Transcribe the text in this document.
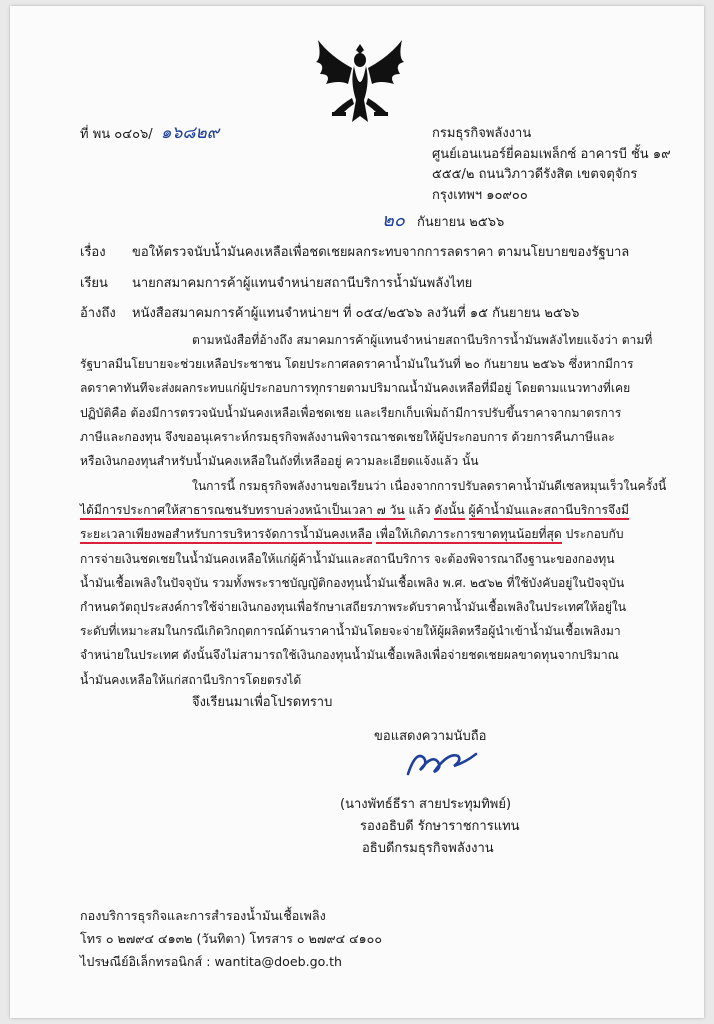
ที่ พน ๐๔๐๖/ ๑๖๘๒๙	กรมธุรกิจพลังงาน
ศูนย์เอนเนอร์ยี่คอมเพล็กซ์ อาคารบี ชั้น ๑๙
๕๕๕/๒ ถนนวิภาวดีรังสิต เขตจตุจักร
กรุงเทพฯ ๑๐๙๐๐
๒๐ กันยายน ๒๕๖๖
เรื่อง ขอให้ตรวจนับน้ำมันคงเหลือเพื่อชดเชยผลกระทบจากการลดราคา ตามนโยบายของรัฐบาล
เรียน นายกสมาคมการค้าผู้แทนจำหน่ายสถานีบริการน้ำมันพลังไทย
อ้างถึง หนังสือสมาคมการค้าผู้แทนจำหน่ายฯ ที่ ๐๕๔/๒๕๖๖ ลงวันที่ ๑๕ กันยายน ๒๕๖๖
ตามหนังสือที่อ้างถึง สมาคมการค้าผู้แทนจำหน่ายสถานีบริการน้ำมันพลังไทยแจ้งว่า ตามที่
รัฐบาลมีนโยบายจะช่วยเหลือประชาชน โดยประกาศลดราคาน้ำมันในวันที่ ๒๐ กันยายน ๒๕๖๖ ซึ่งหากมีการ
ลดราคาทันทีจะส่งผลกระทบแก่ผู้ประกอบการทุกรายตามปริมาณน้ำมันคงเหลือที่มีอยู่ โดยตามแนวทางที่เคย
ปฏิบัติคือ ต้องมีการตรวจนับน้ำมันคงเหลือเพื่อชดเชย และเรียกเก็บเพิ่มถ้ามีการปรับขึ้นราคาจากมาตรการ
ภาษีและกองทุน จึงขออนุเคราะห์กรมธุรกิจพลังงานพิจารณาชดเชยให้ผู้ประกอบการ ด้วยการคืนภาษีและ
หรือเงินกองทุนสำหรับน้ำมันคงเหลือในถังที่เหลืออยู่ ความละเอียดแจ้งแล้ว นั้น
ในการนี้ กรมธุรกิจพลังงานขอเรียนว่า เนื่องจากการปรับลดราคาน้ำมันดีเซลหมุนเร็วในครั้งนี้
ได้มีการประกาศให้สาธารณชนรับทราบล่วงหน้าเป็นเวลา ๗ วัน แล้ว ดังนั้น ผู้ค้าน้ำมันและสถานีบริการจึงมี
ระยะเวลาเพียงพอสำหรับการบริหารจัดการน้ำมันคงเหลือ เพื่อให้เกิดภาระการขาดทุนน้อยที่สุด ประกอบกับ
การจ่ายเงินชดเชยในน้ำมันคงเหลือให้แก่ผู้ค้าน้ำมันและสถานีบริการ จะต้องพิจารณาถึงฐานะของกองทุน
น้ำมันเชื้อเพลิงในปัจจุบัน รวมทั้งพระราชบัญญัติกองทุนน้ำมันเชื้อเพลิง พ.ศ. ๒๕๖๒ ที่ใช้บังคับอยู่ในปัจจุบัน
กำหนดวัตถุประสงค์การใช้จ่ายเงินกองทุนเพื่อรักษาเสถียรภาพระดับราคาน้ำมันเชื้อเพลิงในประเทศให้อยู่ใน
ระดับที่เหมาะสมในกรณีเกิดวิกฤตการณ์ด้านราคาน้ำมันโดยจะจ่ายให้ผู้ผลิตหรือผู้นำเข้าน้ำมันเชื้อเพลิงมา
จำหน่ายในประเทศ ดังนั้นจึงไม่สามารถใช้เงินกองทุนน้ำมันเชื้อเพลิงเพื่อจ่ายชดเชยผลขาดทุนจากปริมาณ
น้ำมันคงเหลือให้แก่สถานีบริการโดยตรงได้
จึงเรียนมาเพื่อโปรดทราบ
ขอแสดงความนับถือ
(นางพัทธ์ธีรา สายประทุมทิพย์)
รองอธิบดี รักษาราชการแทน
อธิบดีกรมธุรกิจพลังงาน
กองบริการธุรกิจและการสำรองน้ำมันเชื้อเพลิง
โทร ๐ ๒๗๙๔ ๔๑๓๒ (วันทิตา) โทรสาร ๐ ๒๗๙๔ ๔๑๐๐
ไปรษณีย์อิเล็กทรอนิกส์ : wantita@doeb.go.th
